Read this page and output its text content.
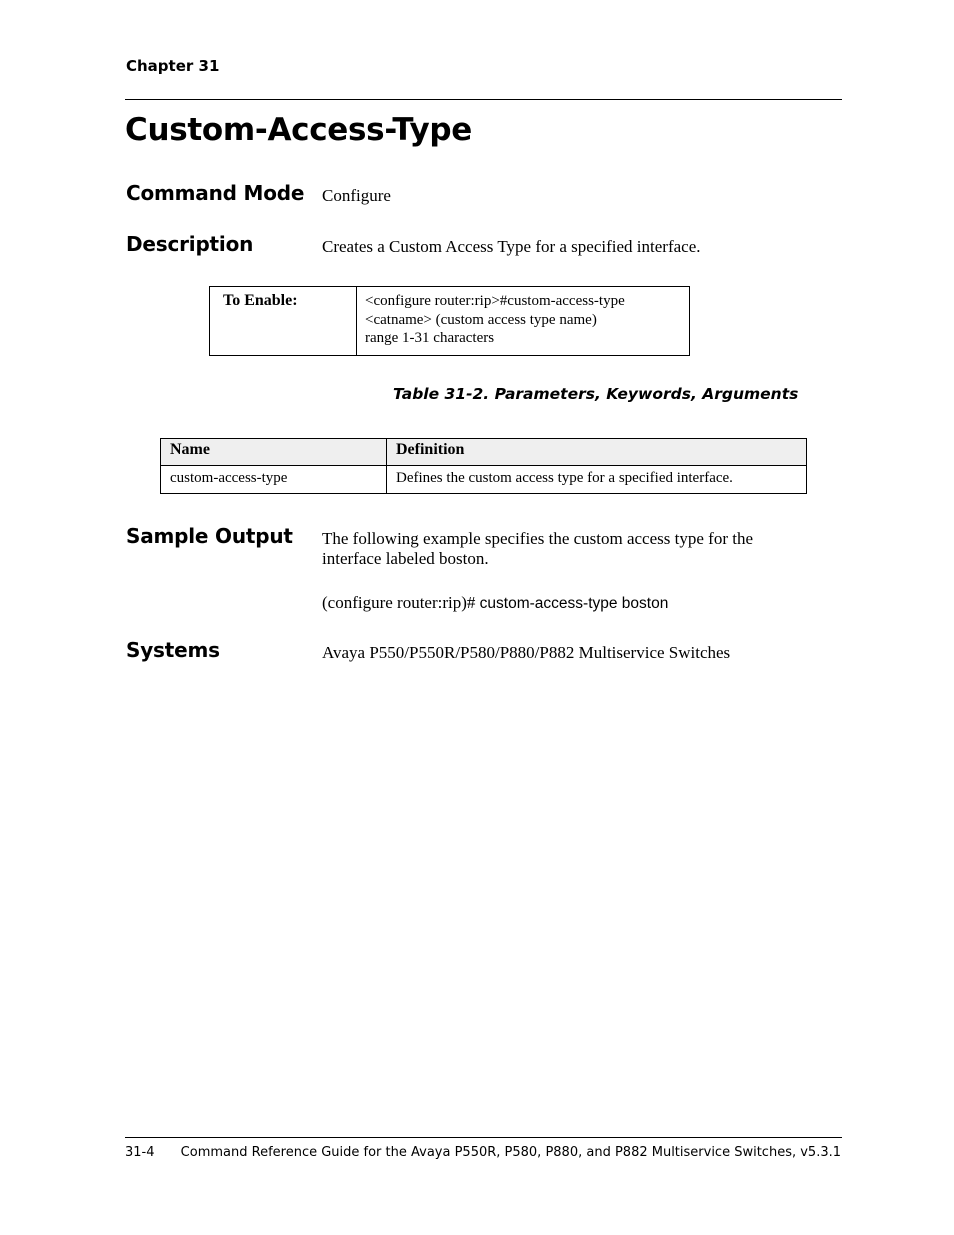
Chapter 31
Custom-Access-Type
Command Mode Configure
Description	Creates a Custom Access Type for a specified interface.
To Enable:	<configure router:rip>#custom-access-type
<catname> (custom access type name)
range 1-31 characters
Table 31-2. Parameters, Keywords, Arguments
Name	Definition
custom-access-type	Defines the custom access type for a specified interface.
Sample Output The following example specifies the custom access type for the interface labeled boston.
(configure router:rip)# custom-access-type boston
Systems	Avaya P550/P550R/P580/P880/P882 Multiservice Switches
31-4 Command Reference Guide for the Avaya P550R, P580, P880, and P882 Multiservice Switches, v5.3.1
